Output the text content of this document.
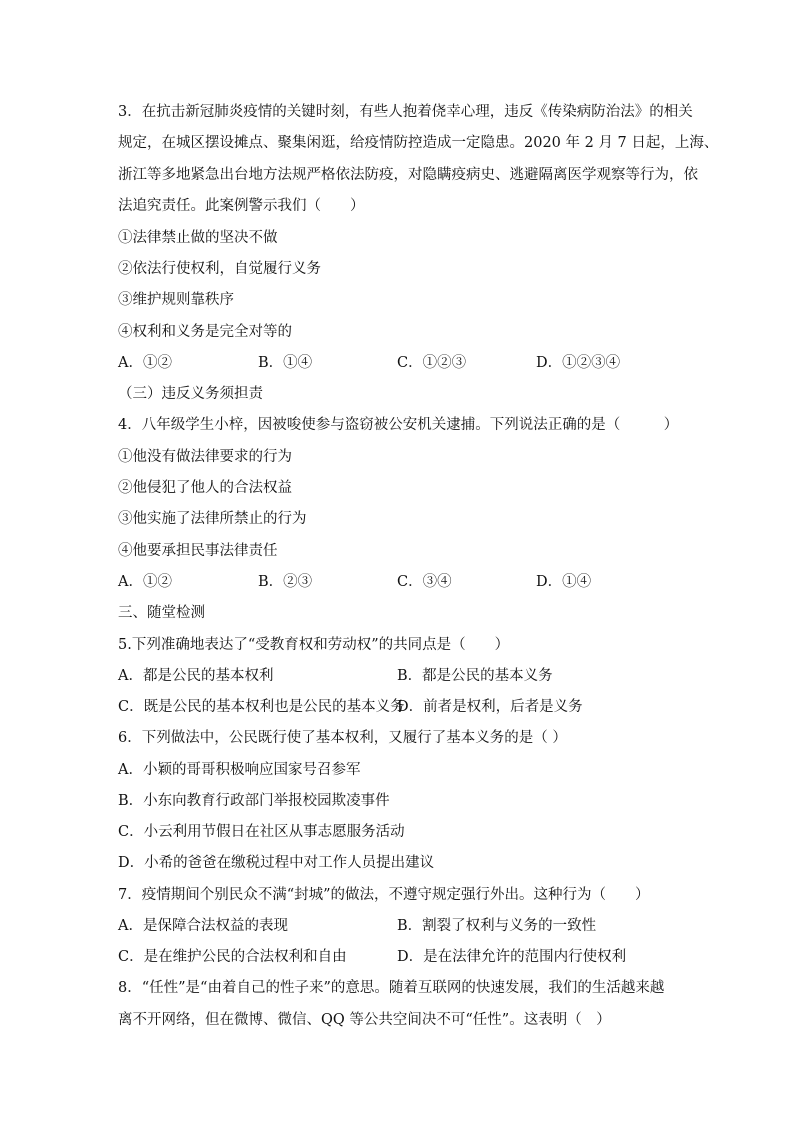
3．在抗击新冠肺炎疫情的关键时刻，有些人抱着侥幸心理，违反《传染病防治法》的相关
规定，在城区摆设摊点、聚集闲逛，给疫情防控造成一定隐患。2020 年 2 月 7 日起，上海、
浙江等多地紧急出台地方法规严格依法防疫，对隐瞒疫病史、逃避隔离医学观察等行为，依
法追究责任。此案例警示我们（　　）
①法律禁止做的坚决不做
②依法行使权利，自觉履行义务
③维护规则靠秩序
④权利和义务是完全对等的
A．①②	B．①④	C．①②③	D．①②③④
（三）违反义务须担责
4．八年级学生小梓，因被唆使参与盗窃被公安机关逮捕。下列说法正确的是（　　　）
①他没有做法律要求的行为
②他侵犯了他人的合法权益
③他实施了法律所禁止的行为
④他要承担民事法律责任
A．①②	B．②③	C．③④	D．①④
三、随堂检测
5.下列准确地表达了“受教育权和劳动权”的共同点是（　　）
A．都是公民的基本权利	B．都是公民的基本义务
C．既是公民的基本权利也是公民的基本义务
D．前者是权利，后者是义务
6．下列做法中，公民既行使了基本权利，又履行了基本义务的是（ ）
A．小颖的哥哥积极响应国家号召参军
B．小东向教育行政部门举报校园欺凌事件
C．小云利用节假日在社区从事志愿服务活动
D．小希的爸爸在缴税过程中对工作人员提出建议
7．疫情期间个别民众不满“封城”的做法，不遵守规定强行外出。这种行为（　　）
A．是保障合法权益的表现	B．割裂了权利与义务的一致性
C．是在维护公民的合法权利和自由	D．是在法律允许的范围内行使权利
8．“任性”是“由着自己的性子来”的意思。随着互联网的快速发展，我们的生活越来越
离不开网络，但在微博、微信、QQ 等公共空间决不可“任性”。这表明（　）
